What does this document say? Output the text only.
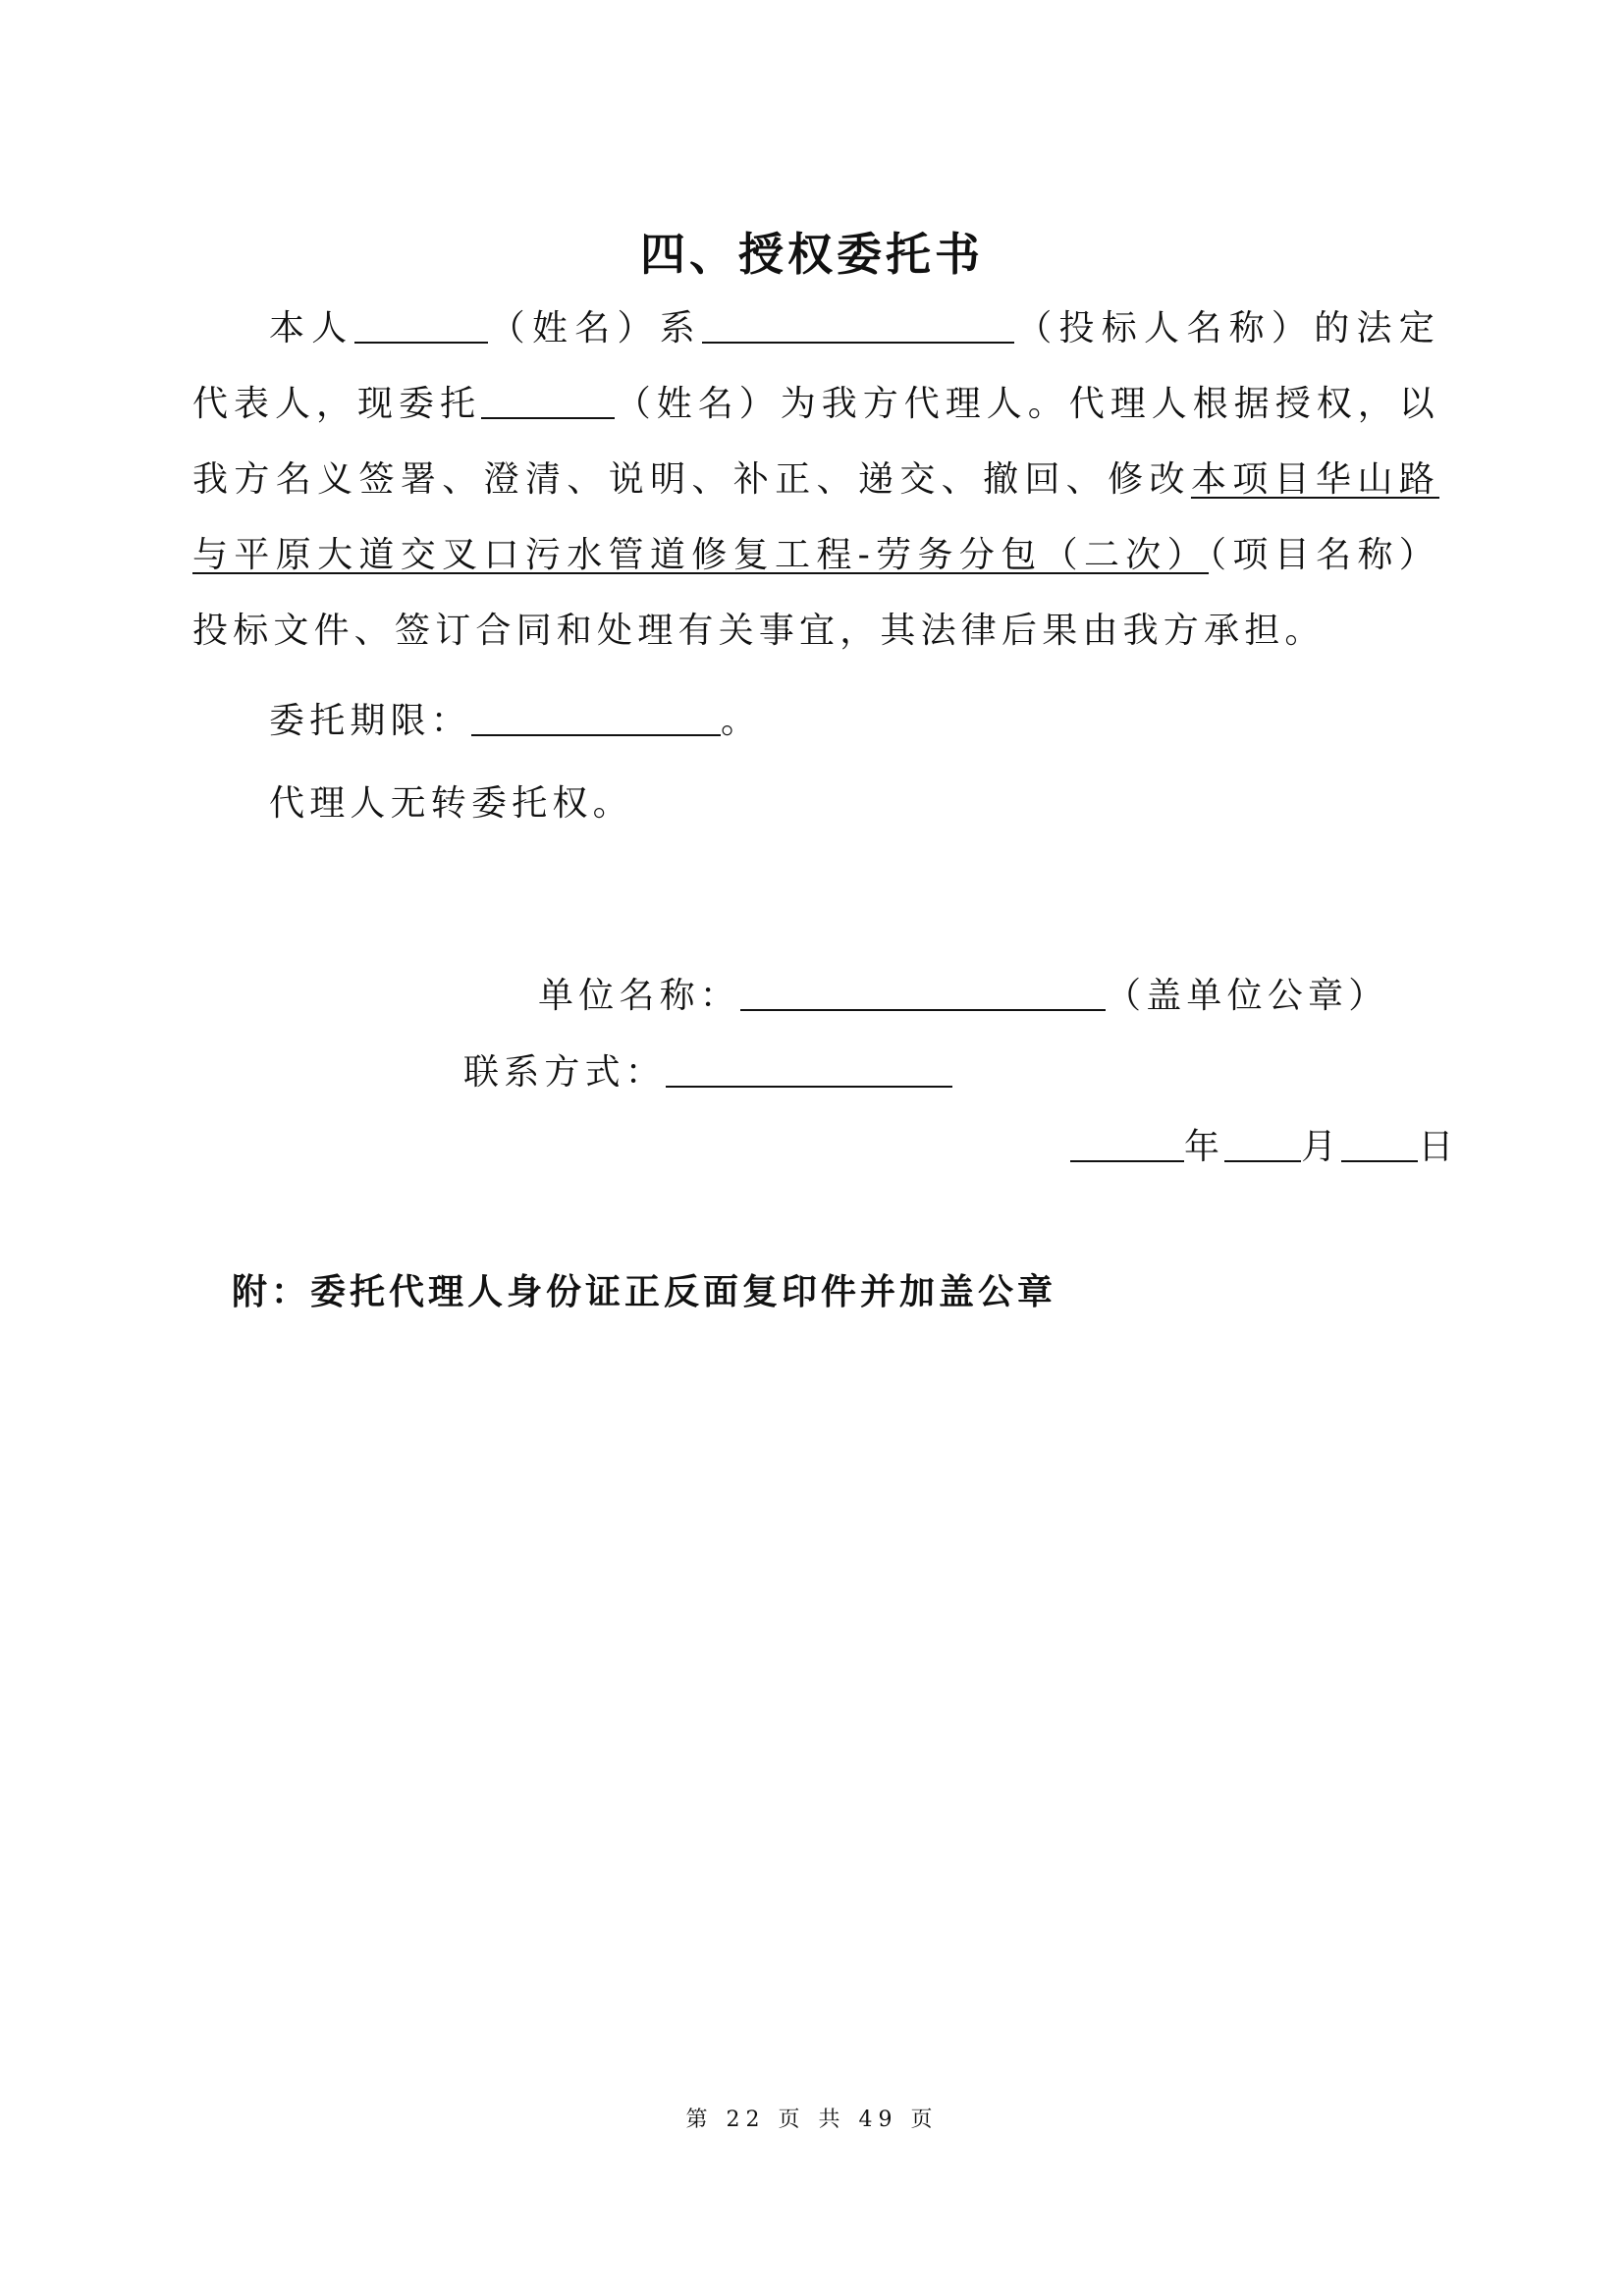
四、授权委托书
本人	（姓名）系	（投标人名称）的法定代表人，现委托	（姓名）为我方代理人。代理人根据授权，以我方名义签署、澄清、说明、补正、递交、撤回、修改本项目华山路与平原大道交叉口污水管道修复工程-劳务分包（二次）（项目名称）投标文件、签订合同和处理有关事宜，其法律后果由我方承担。
委托期限：	。
代理人无转委托权。
单位名称：	（盖单位公章）
联系方式：
年 月 日
附：委托代理人身份证正反面复印件并加盖公章
第 22 页 共 49 页
